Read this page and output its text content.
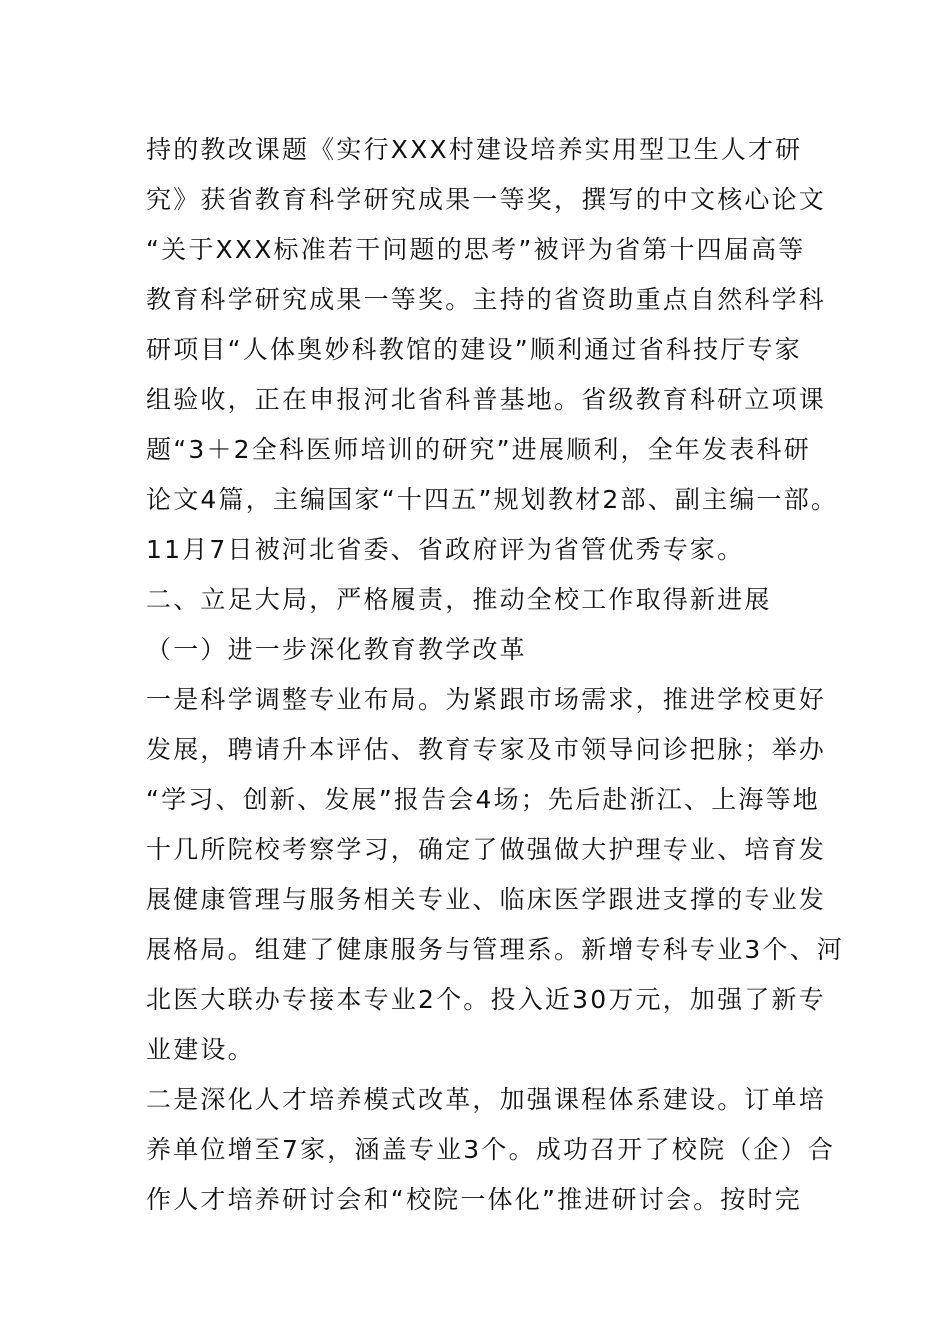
持的教改课题《实行XXX村建设培养实用型卫生人才研
究》获省教育科学研究成果一等奖，撰写的中文核心论文
“关于XXX标准若干问题的思考”被评为省第十四届高等
教育科学研究成果一等奖。主持的省资助重点自然科学科
研项目“人体奥妙科教馆的建设”顺利通过省科技厅专家
组验收，正在申报河北省科普基地。省级教育科研立项课
题“3＋2全科医师培训的研究”进展顺利，全年发表科研
论文4篇，主编国家“十四五”规划教材2部、副主编一部。
11月7日被河北省委、省政府评为省管优秀专家。
二、立足大局，严格履责，推动全校工作取得新进展
（一）进一步深化教育教学改革
一是科学调整专业布局。为紧跟市场需求，推进学校更好
发展，聘请升本评估、教育专家及市领导问诊把脉；举办
“学习、创新、发展”报告会4场；先后赴浙江、上海等地
十几所院校考察学习，确定了做强做大护理专业、培育发
展健康管理与服务相关专业、临床医学跟进支撑的专业发
展格局。组建了健康服务与管理系。新增专科专业3个、河
北医大联办专接本专业2个。投入近30万元，加强了新专
业建设。
二是深化人才培养模式改革，加强课程体系建设。订单培
养单位增至7家，涵盖专业3个。成功召开了校院（企）合
作人才培养研讨会和“校院一体化”推进研讨会。按时完
